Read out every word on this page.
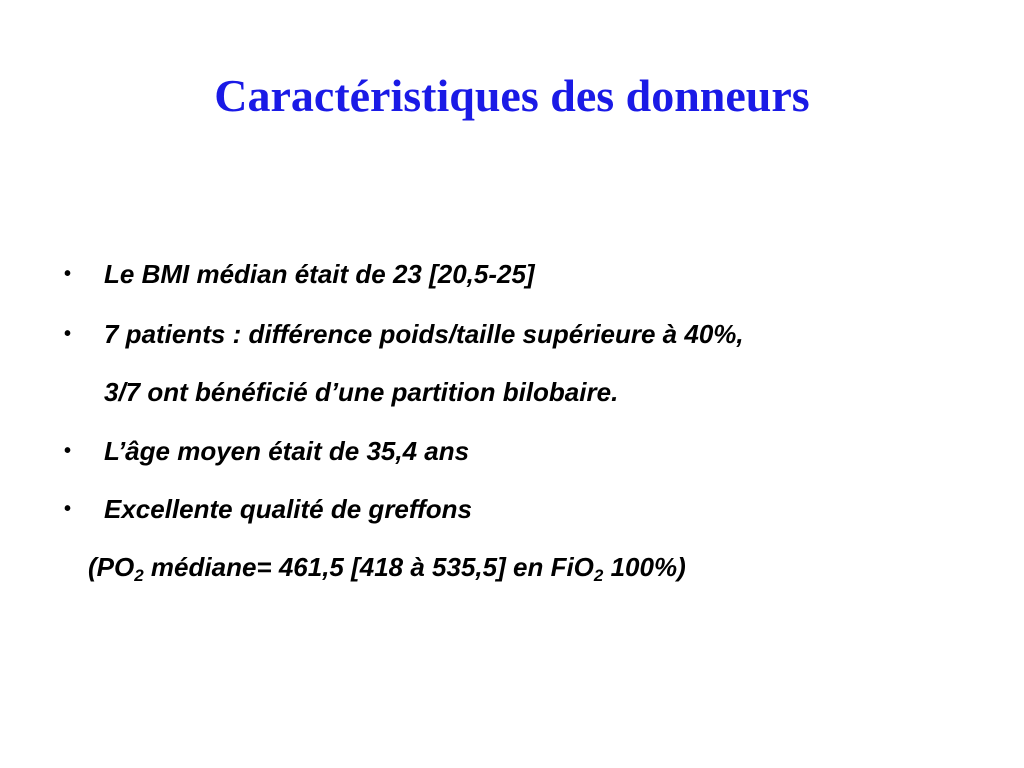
Caractéristiques des donneurs
• Le BMI médian était de 23 [20,5-25]
• 7 patients : différence poids/taille supérieure à 40%,
3/7 ont bénéficié d’une partition bilobaire.
• L’âge moyen était de 35,4 ans
• Excellente qualité de greffons
($PO_2$ médiane= 461,5 [418 à 535,5] en FiO$_2$ 100%)
